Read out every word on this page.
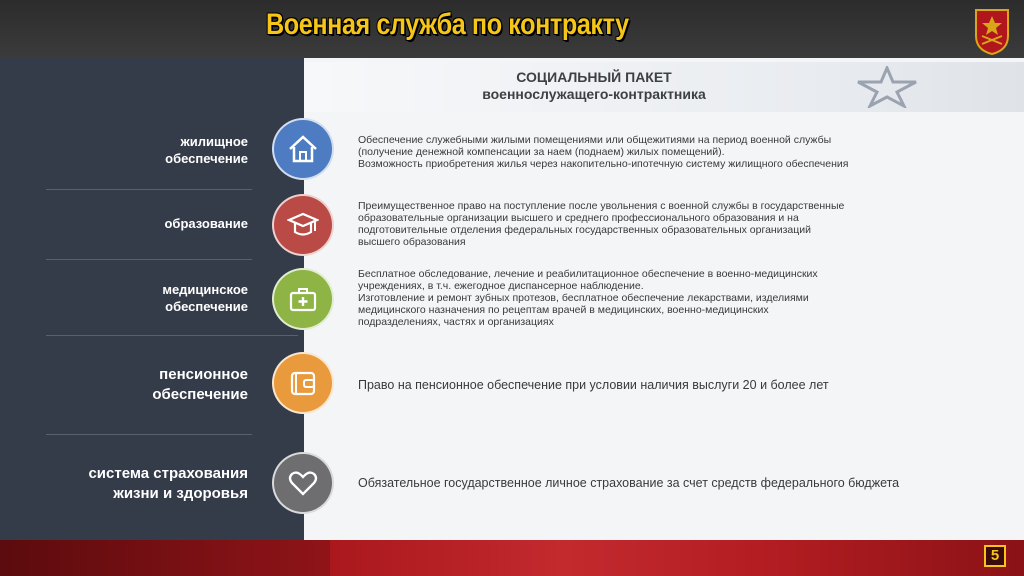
Военная служба по контракту
СОЦИАЛЬНЫЙ ПАКЕТ
военнослужащего-контрактника
жилищное
обеспечение
Обеспечение служебными жилыми помещениями или общежитиями на период военной службы
(получение денежной компенсации за наем (поднаем) жилых помещений).
Возможность приобретения жилья через накопительно-ипотечную систему жилищного обеспечения
образование
Преимущественное право на поступление после увольнения с военной службы в государственные
образовательные организации высшего и среднего профессионального образования и на
подготовительные отделения федеральных государственных образовательных организаций
высшего образования
медицинское
обеспечение
Бесплатное обследование, лечение и реабилитационное обеспечение в военно-медицинских
учреждениях, в т.ч. ежегодное диспансерное наблюдение.
Изготовление и ремонт зубных протезов, бесплатное обеспечение лекарствами, изделиями
медицинского назначения по рецептам врачей в медицинских, военно-медицинских
подразделениях, частях и организациях
пенсионное
обеспечение
Право на пенсионное обеспечение при условии наличия выслуги 20 и более лет
система страхования
жизни и здоровья
Обязательное государственное личное страхование за счет средств федерального бюджета
5
